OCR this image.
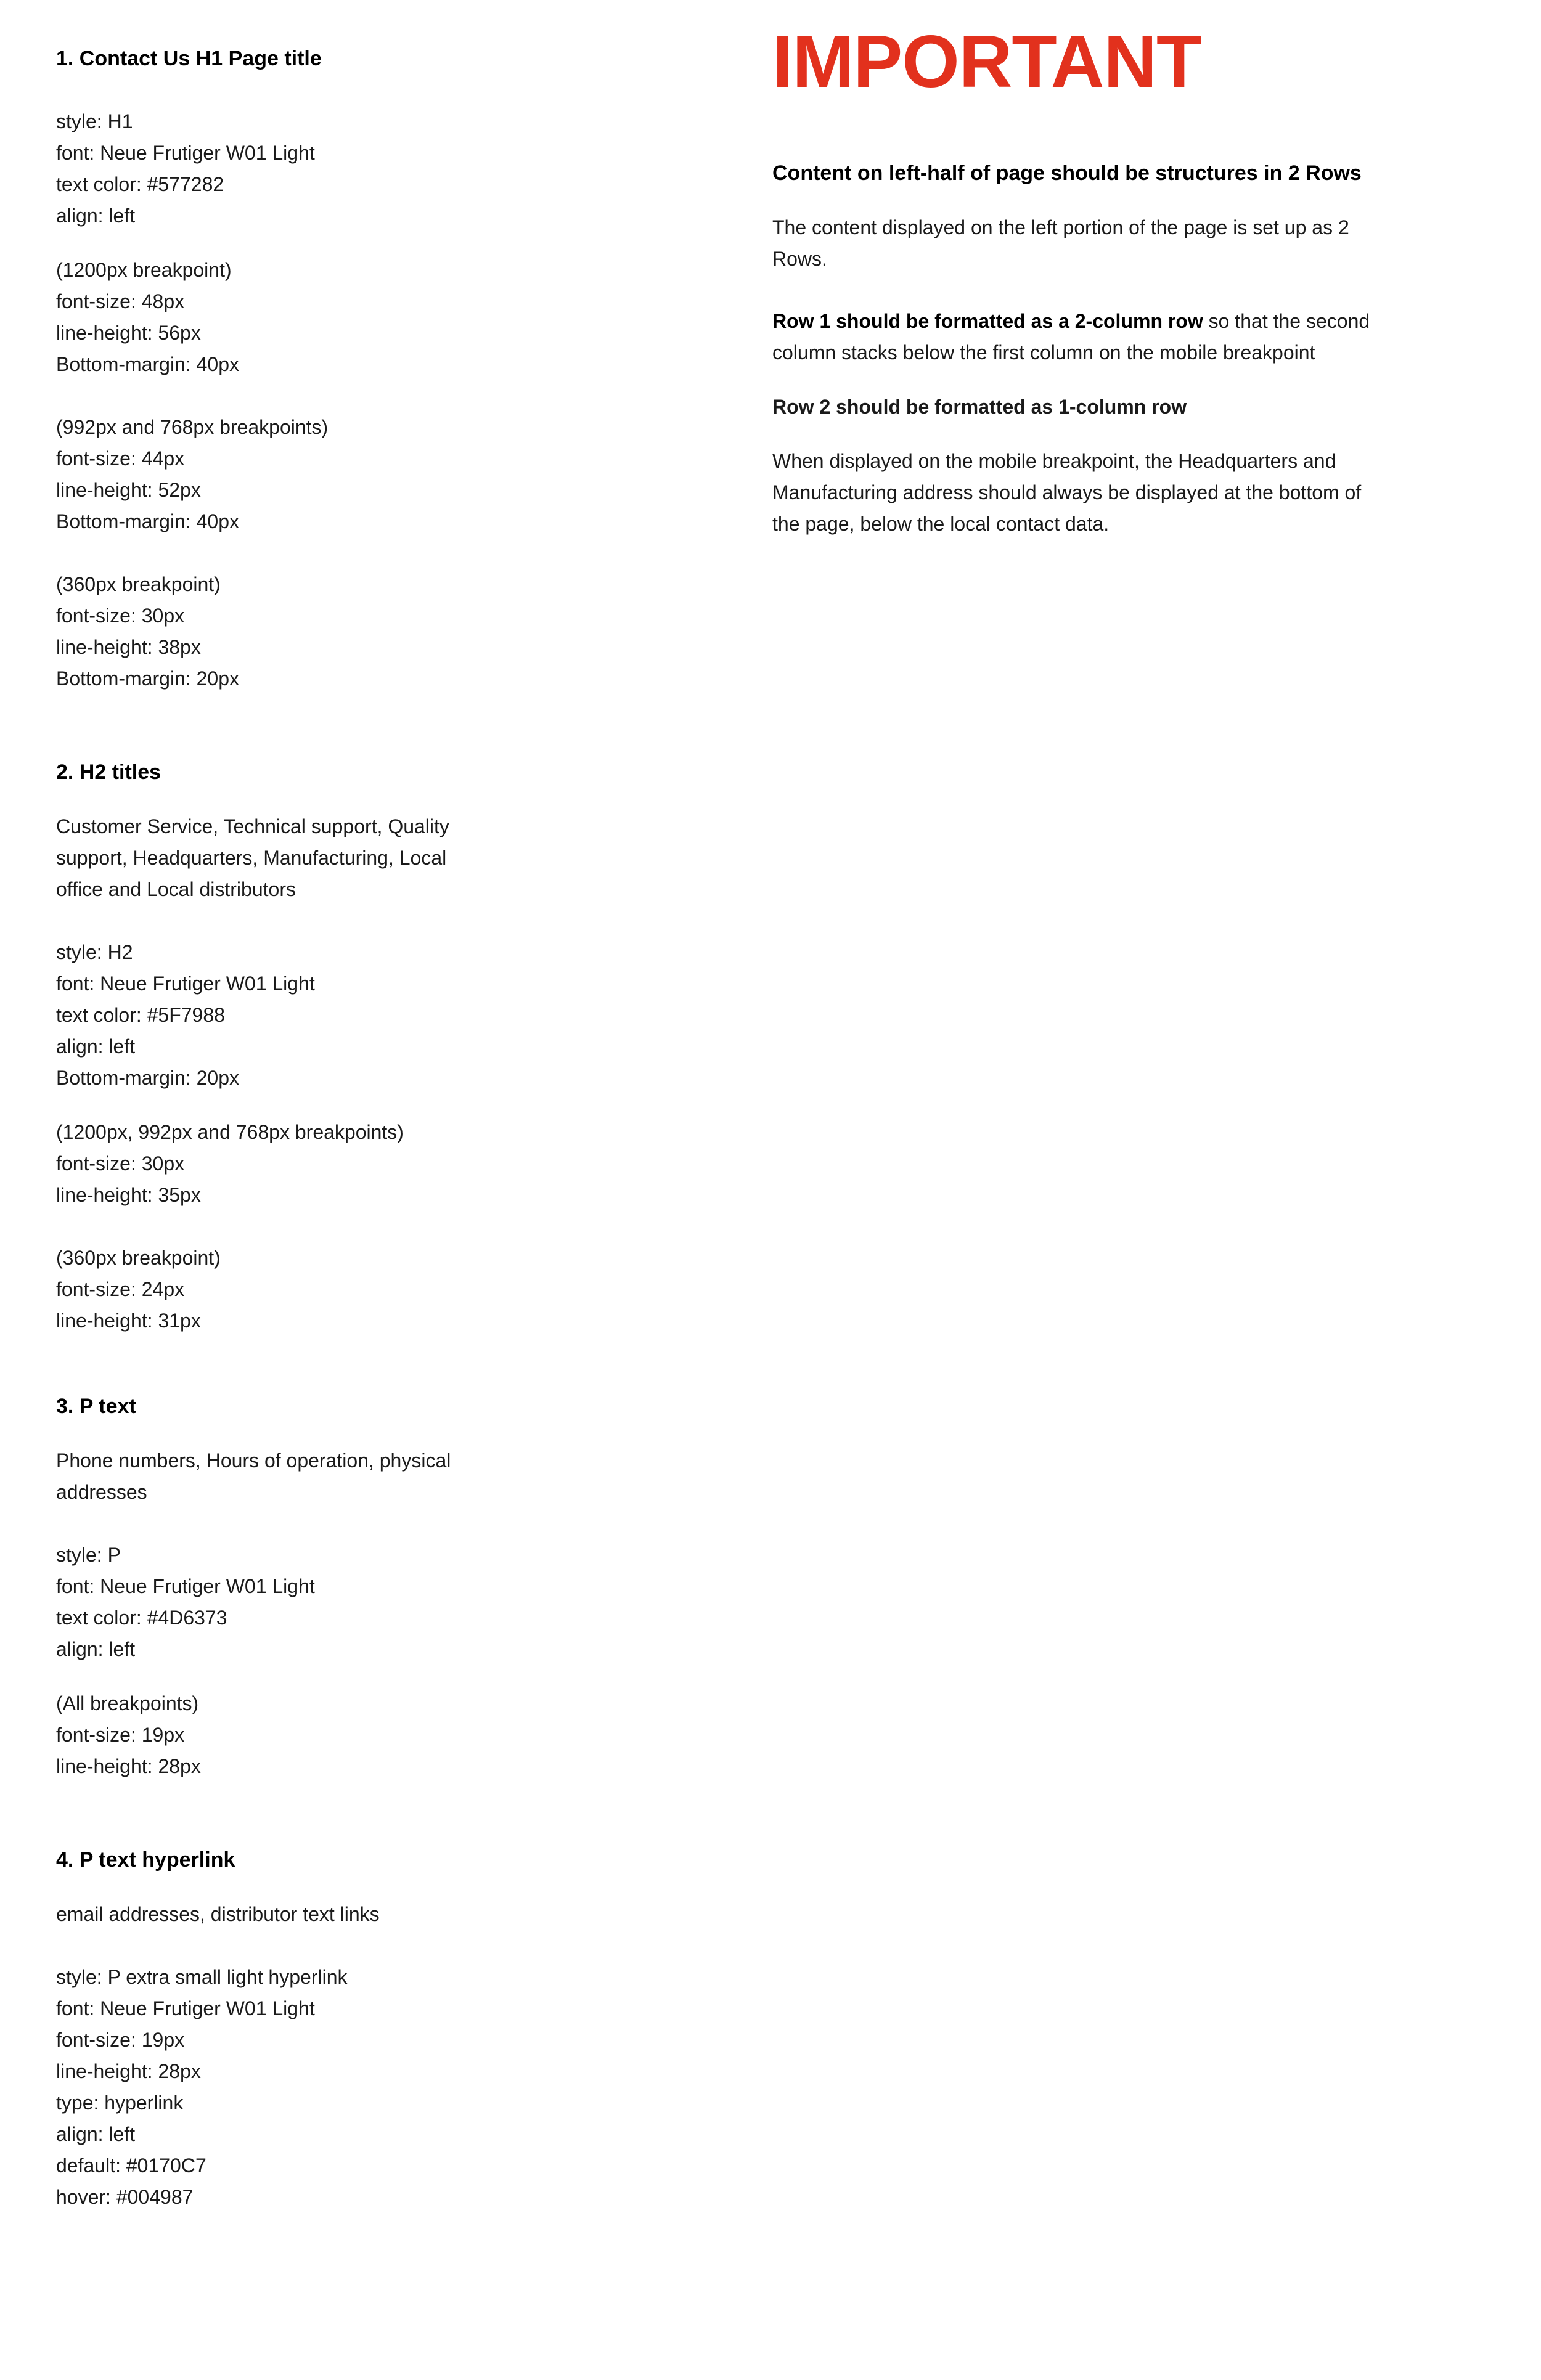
1. Contact Us H1 Page title

style: H1

font: Neue Frutiger W01 Light

text color: #577282

align: left

(1200px breakpoint)

font-size: 48px

line-height: 56px

Bottom-margin: 40px

(992px and 768px breakpoints)

font-size: 44px

line-height: 52px

Bottom-margin: 40px

(360px breakpoint)

font-size: 30px

line-height: 38px

Bottom-margin: 20px

2. H2 titles

Customer Service, Technical support, Quality

support, Headquarters, Manufacturing, Local

office and Local distributors

style: H2

font: Neue Frutiger W01 Light

text color: #5F7988

align: left

Bottom-margin: 20px

(1200px, 992px and 768px breakpoints)

font-size: 30px

line-height: 35px

(360px breakpoint)

font-size: 24px

line-height: 31px

3. P text

Phone numbers, Hours of operation, physical

addresses

style: P

font: Neue Frutiger W01 Light

text color: #4D6373

align: left

(All breakpoints)

font-size: 19px

line-height: 28px

4. P text hyperlink

email addresses, distributor text links

style: P extra small light hyperlink

font: Neue Frutiger W01 Light

font-size: 19px

line-height: 28px

type: hyperlink

align: left

default: #0170C7

hover: #004987

IMPORTANT

Content on left-half of page should be structures in 2 Rows

The content displayed on the left portion of the page is set up as 2

Rows.

Row 1 should be formatted as a 2-column row so that the second

column stacks below the first column on the mobile breakpoint

Row 2 should be formatted as 1-column row

When displayed on the mobile breakpoint, the Headquarters and

Manufacturing address should always be displayed at the bottom of

the page, below the local contact data.
